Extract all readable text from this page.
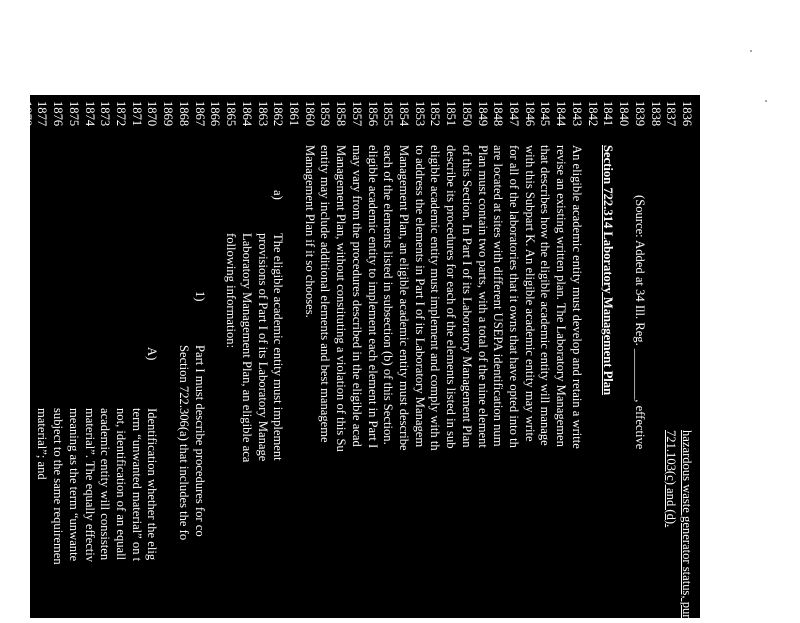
1836
1837
1838
1839
1840
1841
1842
1843
1844
1845
1846
1847
1848
1849
1850
1851
1852
1853
1854
1855
1856
1857
1858
1859
1860
1861
1862
1863
1864
1865
1866
1867
1868
1869
1870
1871
1872
1873
1874
1875
1876
1877
1878
hazardous waste generator status, purs
721.103(c) and (d).
(Source: Added at 34 Ill. Reg. ________, effective
Section 722.314 Laboratory Management Plan
An eligible academic entity must develop and retain a writte
revise an existing written plan. The Laboratory Managemen
that describes how the eligible academic entity will manage
with this Subpart K. An eligible academic entity may write
for all of the laboratories that it owns that have opted into th
are located at sites with different USEPA identification num
Plan must contain two parts, with a total of the nine element
of this Section. In Part I of its Laboratory Management Plan
describe its procedures for each of the elements listed in sub
eligible academic entity must implement and comply with th
to address the elements in Part I of its Laboratory Managem
Management Plan, an eligible academic entity must describe
each of the elements listed in subsection (b) of this Section.
eligible academic entity to implement each element in Part I
may vary from the procedures described in the eligible acad
Management Plan, without constituting a violation of this Su
entity may include additional elements and best manageme
Management Plan if it so chooses.
a)
The eligible academic entity must implement
provisions of Part I of its Laboratory Manage
Laboratory Management Plan, an eligible aca
following information:
1)
Part I must describe procedures for co
Section 722.306(a) that includes the fo
A)
Identification whether the elig
term “unwanted material” on t
not, identification of an equall
academic entity will consisten
material”. The equally effectiv
meaning as the term “unwante
subject to the same requiremen
material”; and
